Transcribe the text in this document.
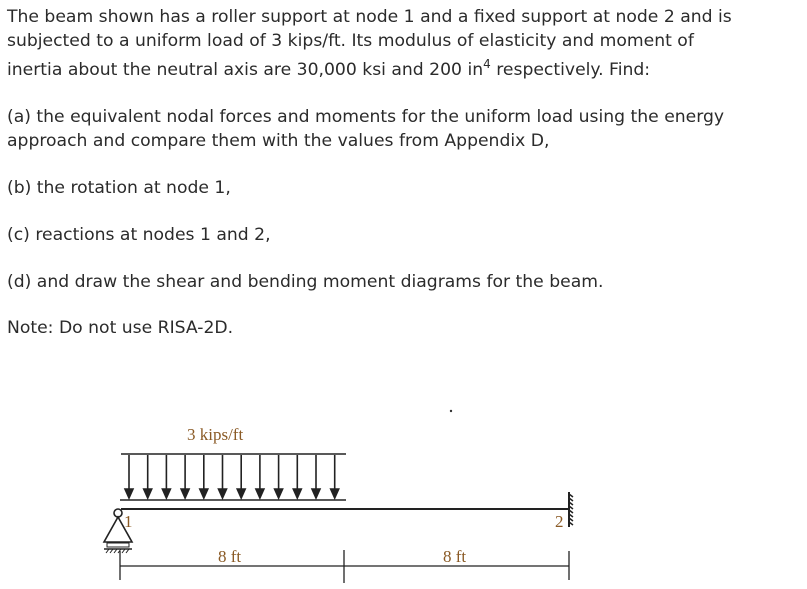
The beam shown has a roller support at node 1 and a fixed support at node 2 and is
subjected to a uniform load of 3 kips/ft. Its modulus of elasticity and moment of
inertia about the neutral axis are 30,000 ksi and 200 $in^4$ respectively. Find:
(a) the equivalent nodal forces and moments for the uniform load using the energy
approach and compare them with the values from Appendix D,
(b) the rotation at node 1,
(c) reactions at nodes 1 and 2,
(d) and draw the shear and bending moment diagrams for the beam.
Note: Do not use RISA-2D.
3 kips/ft
1	2
8 ft	8 ft
